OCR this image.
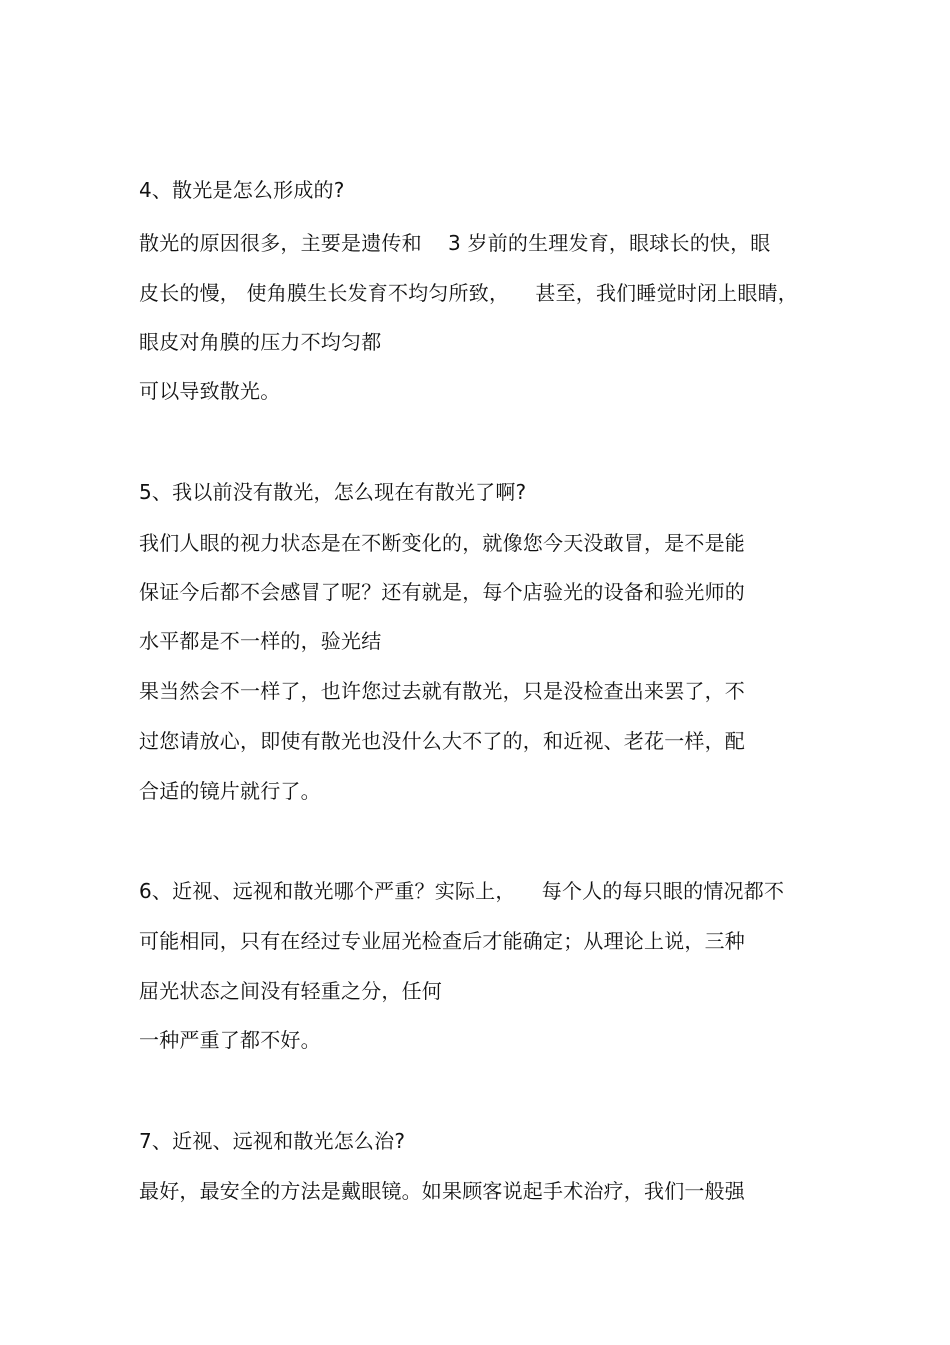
4、散光是怎么形成的?
散光的原因很多，主要是遗传和    3 岁前的生理发育，眼球长的快，眼
皮长的慢， 使角膜生长发育不均匀所致，    甚至，我们睡觉时闭上眼睛，
眼皮对角膜的压力不均匀都
可以导致散光。
5、我以前没有散光，怎么现在有散光了啊?
我们人眼的视力状态是在不断变化的，就像您今天没敢冒，是不是能
保证今后都不会感冒了呢？还有就是，每个店验光的设备和验光师的
水平都是不一样的，验光结
果当然会不一样了，也许您过去就有散光，只是没检查出来罢了，不
过您请放心，即使有散光也没什么大不了的，和近视、老花一样，配
合适的镜片就行了。
6、近视、远视和散光哪个严重？实际上，    每个人的每只眼的情况都不
可能相同，只有在经过专业屈光检查后才能确定；从理论上说，三种
屈光状态之间没有轻重之分，任何
一种严重了都不好。
7、近视、远视和散光怎么治?
最好，最安全的方法是戴眼镜。如果顾客说起手术治疗，我们一般强
